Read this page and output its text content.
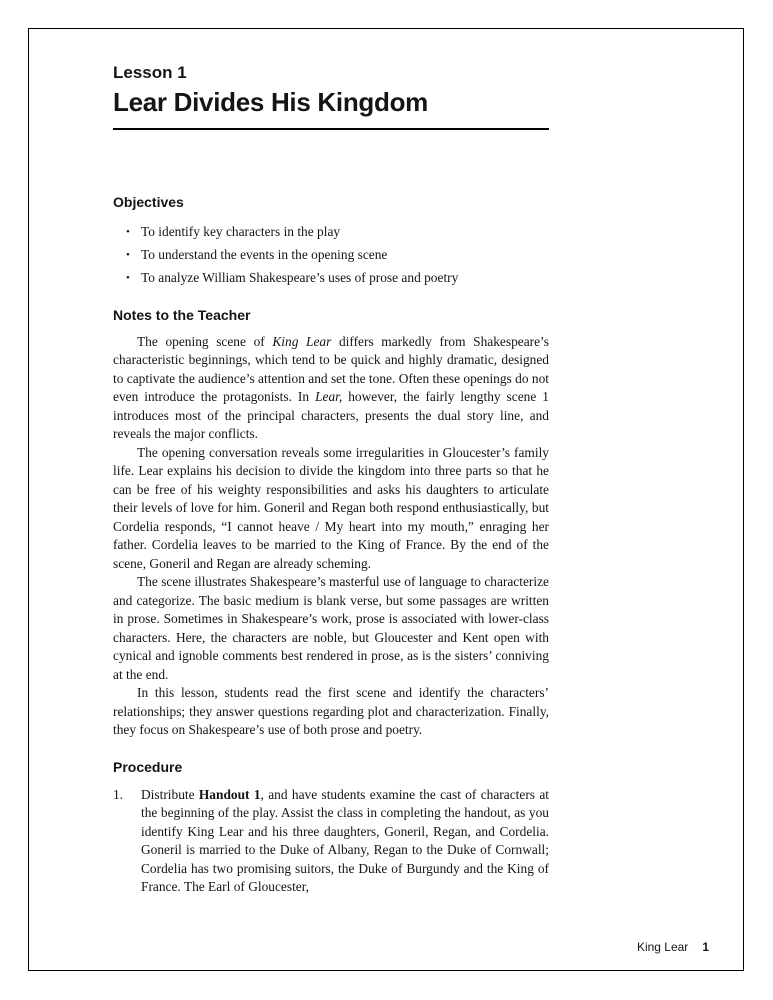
Lesson 1
Lear Divides His Kingdom
Objectives
• To identify key characters in the play
• To understand the events in the opening scene
• To analyze William Shakespeare’s uses of prose and poetry
Notes to the Teacher

The opening scene of King Lear differs markedly from Shakespeare’s characteristic beginnings, which tend to be quick and highly dramatic, designed to captivate the audience’s attention and set the tone. Often these openings do not even introduce the protagonists. In Lear, however, the fairly lengthy scene 1 introduces most of the principal characters, presents the dual story line, and reveals the major conflicts.

The opening conversation reveals some irregularities in Gloucester’s family life. Lear explains his decision to divide the kingdom into three parts so that he can be free of his weighty responsibilities and asks his daughters to articulate their levels of love for him. Goneril and Regan both respond enthusiastically, but Cordelia responds, “I cannot heave / My heart into my mouth,” enraging her father. Cordelia leaves to be married to the King of France. By the end of the scene, Goneril and Regan are already scheming.

The scene illustrates Shakespeare’s masterful use of language to characterize and categorize. The basic medium is blank verse, but some passages are written in prose. Sometimes in Shakespeare’s work, prose is associated with lower-class characters. Here, the characters are noble, but Gloucester and Kent open with cynical and ignoble comments best rendered in prose, as is the sisters’ conniving at the end.

In this lesson, students read the first scene and identify the characters’ relationships; they answer questions regarding plot and characterization. Finally, they focus on Shakespeare’s use of both prose and poetry.

Procedure
1.	Distribute Handout 1, and have students examine the cast of characters at the beginning of the play. Assist the class in completing the handout, as you identify King Lear and his three daughters, Goneril, Regan, and Cordelia. Goneril is married to the Duke of Albany, Regan to the Duke of Cornwall; Cordelia has two promising suitors, the Duke of Burgundy and the King of France. The Earl of Gloucester,
King Lear 1
